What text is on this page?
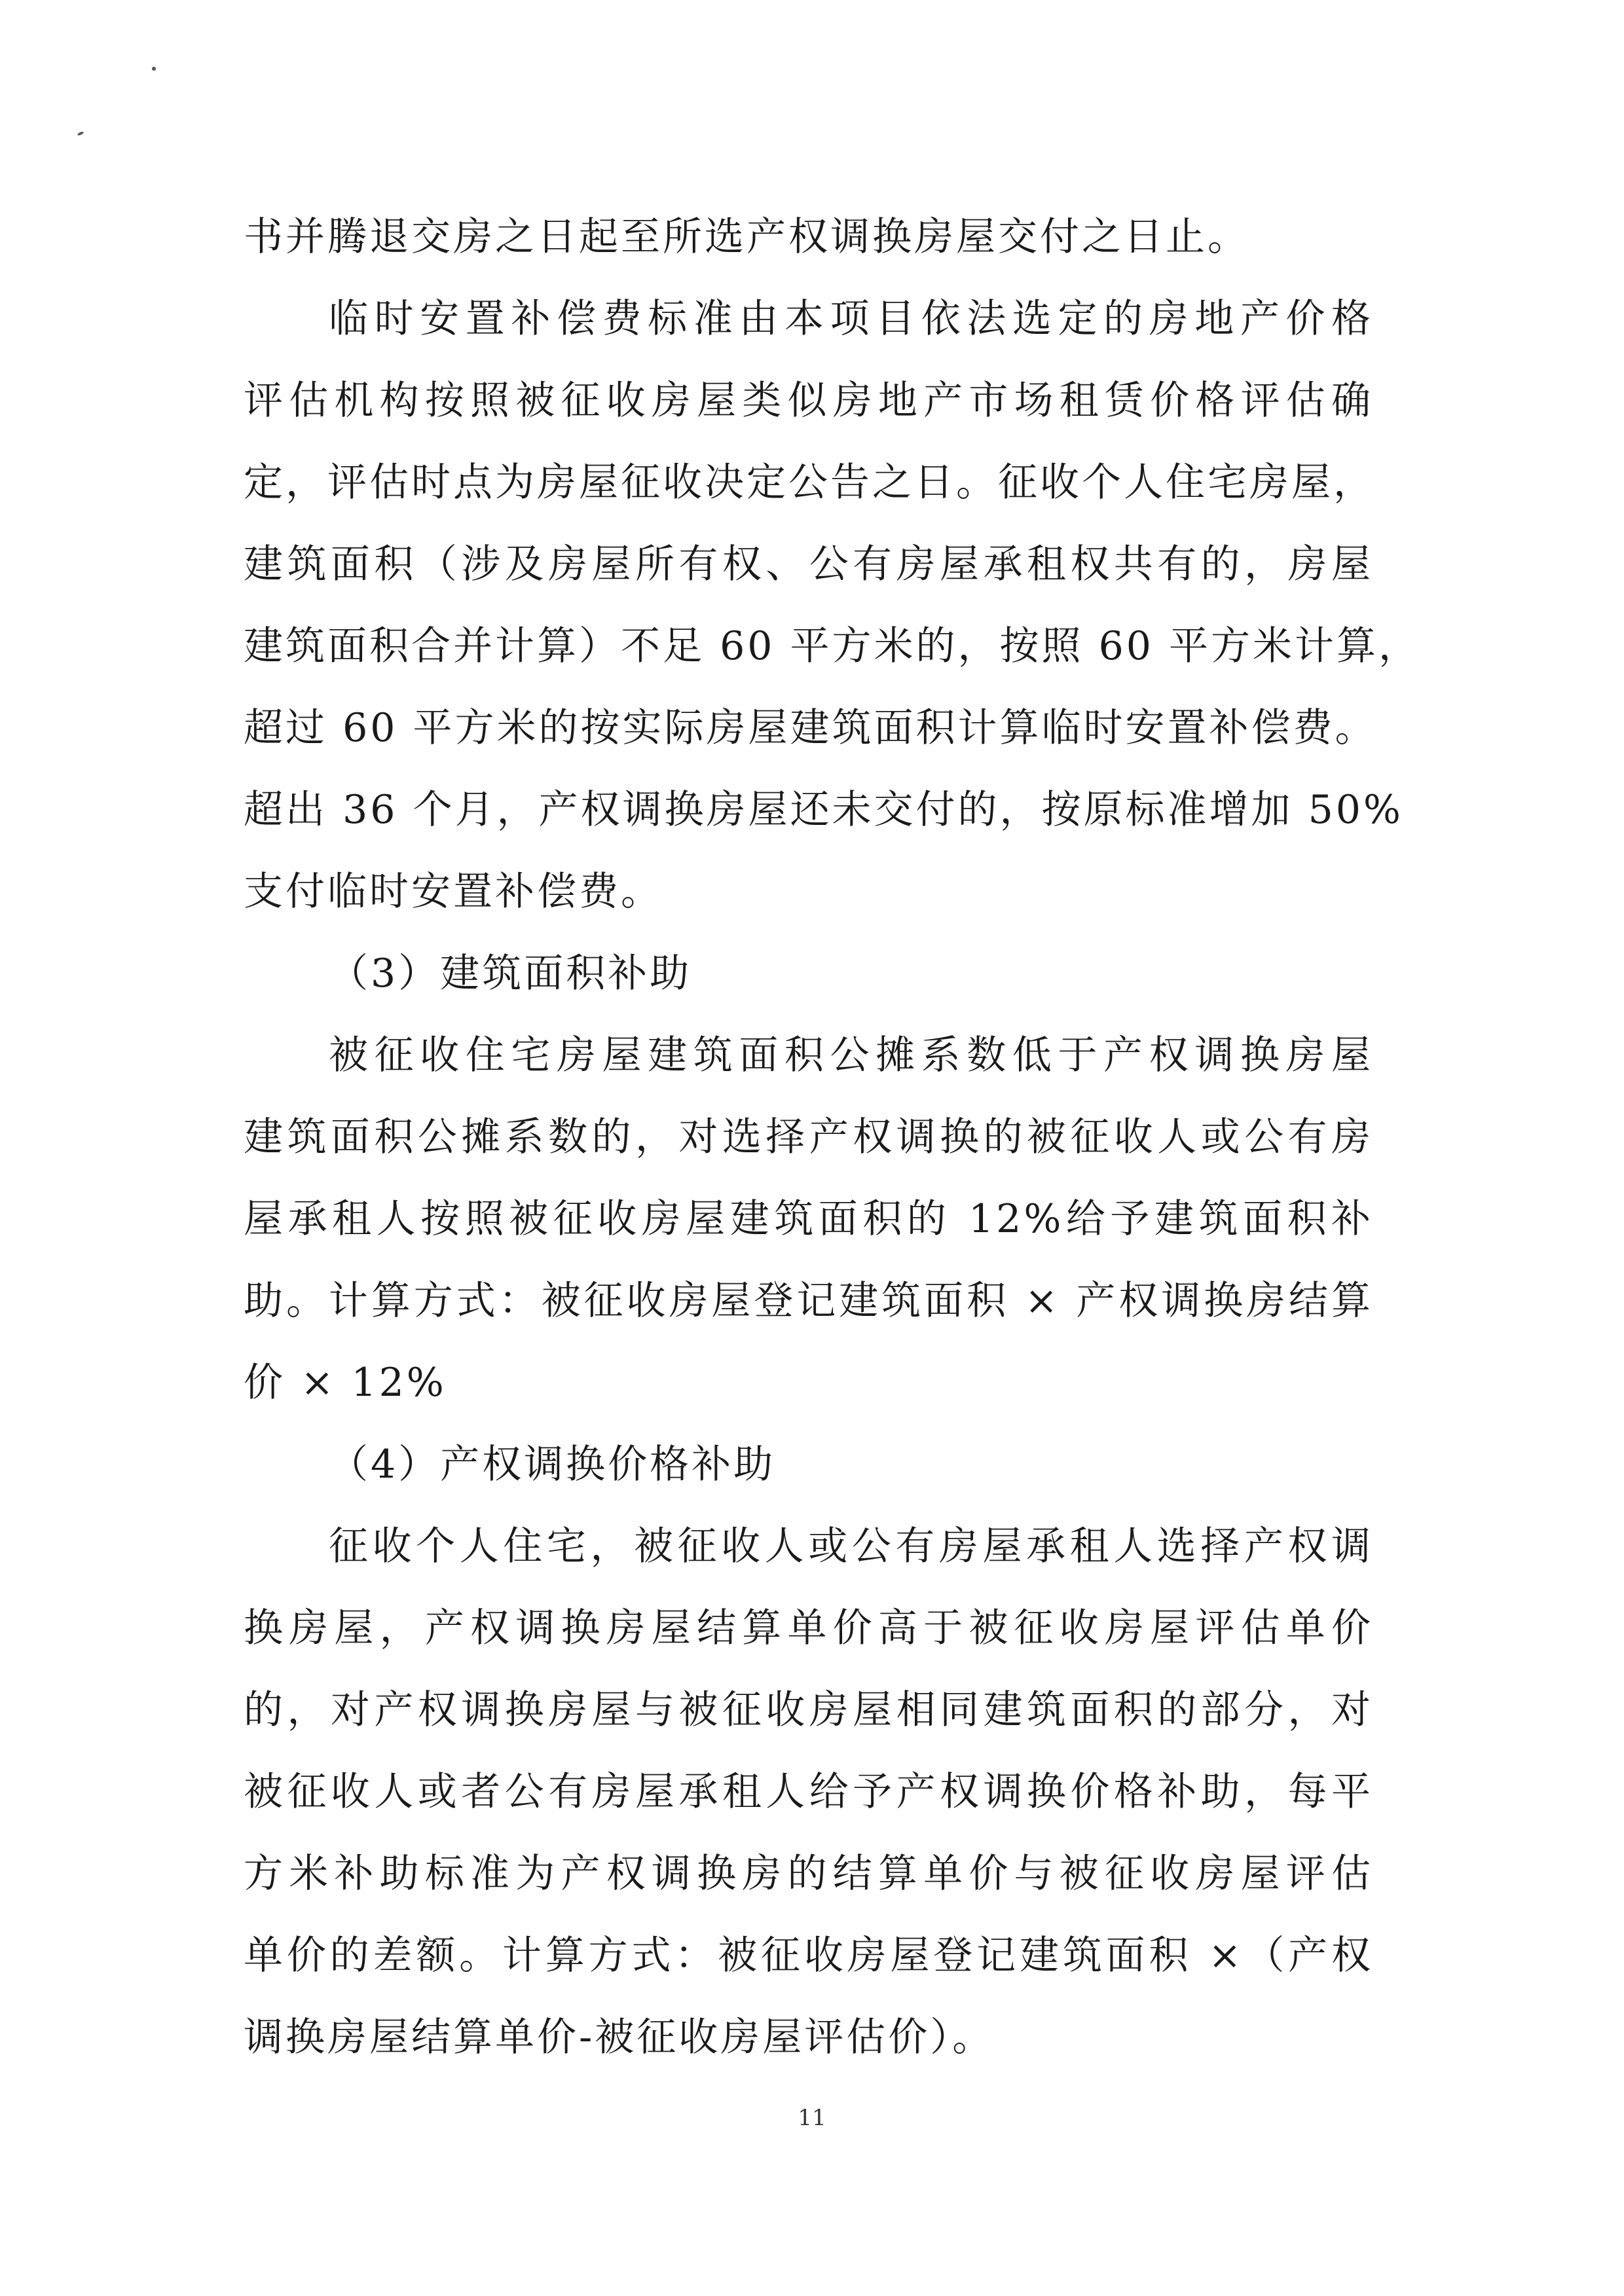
书并腾退交房之日起至所选产权调换房屋交付之日止。
临时安置补偿费标准由本项目依法选定的房地产价格
评估机构按照被征收房屋类似房地产市场租赁价格评估确
定，评估时点为房屋征收决定公告之日。征收个人住宅房屋，
建筑面积（涉及房屋所有权、公有房屋承租权共有的，房屋
建筑面积合并计算）不足 60 平方米的，按照 60 平方米计算，
超过 60 平方米的按实际房屋建筑面积计算临时安置补偿费。
超出 36 个月，产权调换房屋还未交付的，按原标准增加 50%
支付临时安置补偿费。
（3）建筑面积补助
被征收住宅房屋建筑面积公摊系数低于产权调换房屋
建筑面积公摊系数的，对选择产权调换的被征收人或公有房
屋承租人按照被征收房屋建筑面积的 12%给予建筑面积补
助。计算方式：被征收房屋登记建筑面积 × 产权调换房结算
价 × 12%
（4）产权调换价格补助
征收个人住宅，被征收人或公有房屋承租人选择产权调
换房屋，产权调换房屋结算单价高于被征收房屋评估单价
的，对产权调换房屋与被征收房屋相同建筑面积的部分，对
被征收人或者公有房屋承租人给予产权调换价格补助，每平
方米补助标准为产权调换房的结算单价与被征收房屋评估
单价的差额。计算方式：被征收房屋登记建筑面积 ×（产权
调换房屋结算单价-被征收房屋评估价）。
11
